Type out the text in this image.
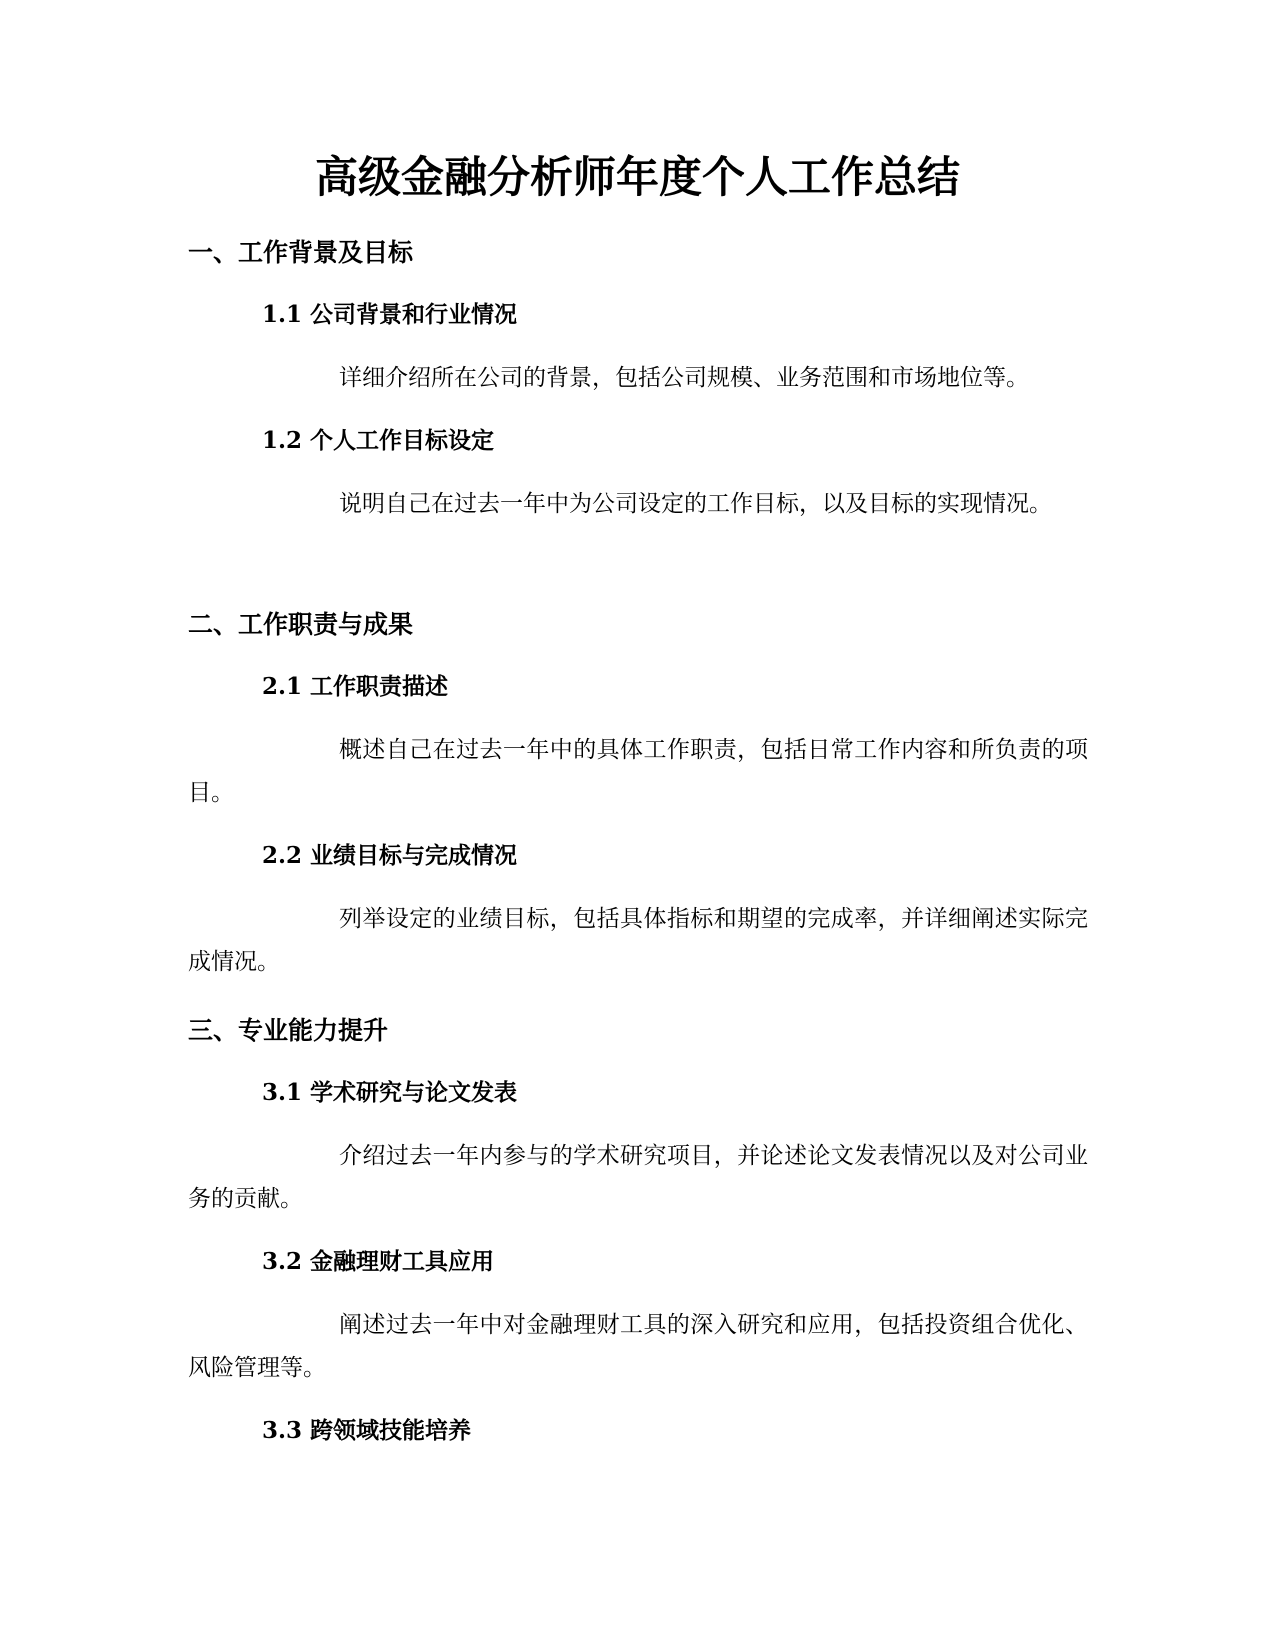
高级金融分析师年度个人工作总结
一、工作背景及目标
1.1 公司背景和行业情况

详细介绍所在公司的背景，包括公司规模、业务范围和市场地位等。

1.2 个人工作目标设定

说明自己在过去一年中为公司设定的工作目标，以及目标的实现情况。

二、工作职责与成果
2.1 工作职责描述

概述自己在过去一年中的具体工作职责，包括日常工作内容和所负责的项目。

2.2 业绩目标与完成情况

列举设定的业绩目标，包括具体指标和期望的完成率，并详细阐述实际完成情况。

三、专业能力提升
3.1 学术研究与论文发表

介绍过去一年内参与的学术研究项目，并论述论文发表情况以及对公司业务的贡献。

3.2 金融理财工具应用

阐述过去一年中对金融理财工具的深入研究和应用，包括投资组合优化、风险管理等。

3.3 跨领域技能培养
